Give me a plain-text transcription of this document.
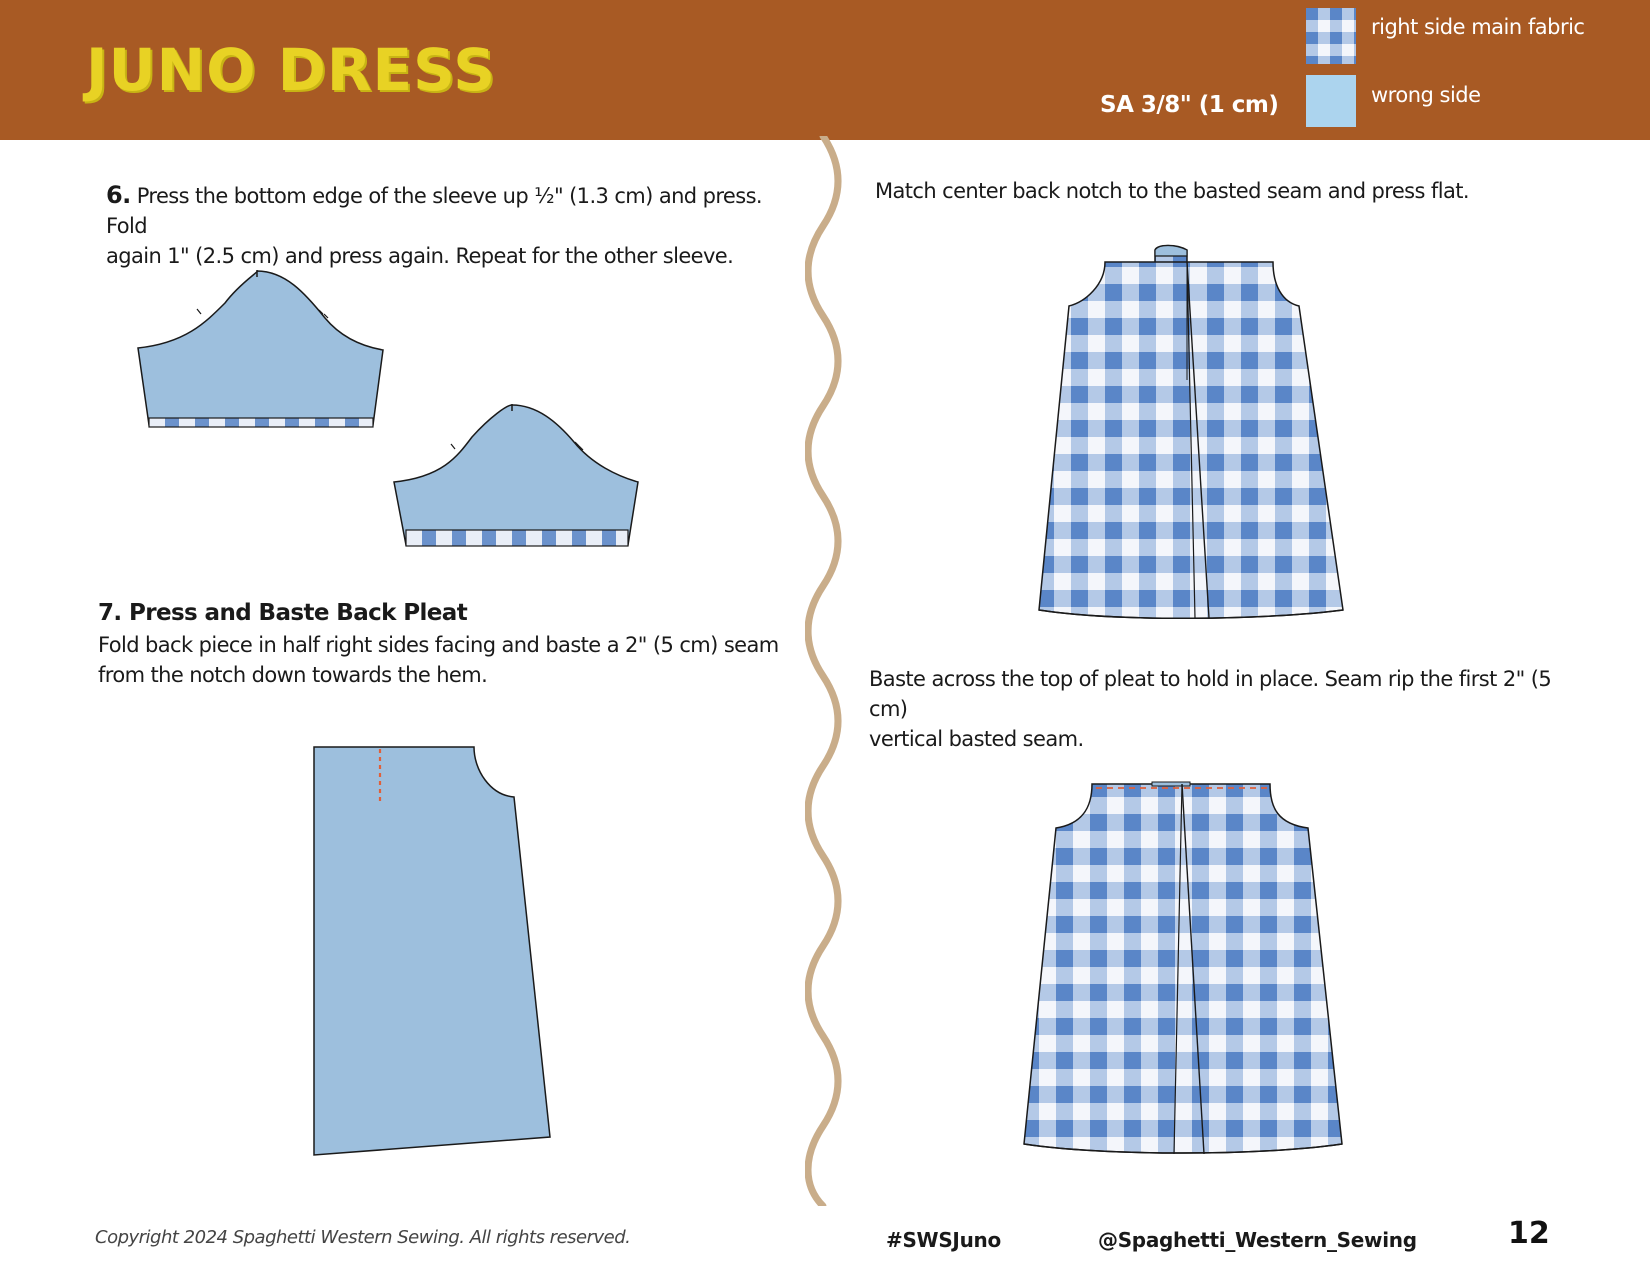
JUNO DRESS
SA 3/8" (1 cm)
right side main fabric
wrong side
6. Press the bottom edge of the sleeve up ½" (1.3 cm) and press. Fold
again 1" (2.5 cm) and press again. Repeat for the other sleeve.
7. Press and Baste Back Pleat
Fold back piece in half right sides facing and baste a 2" (5 cm) seam
from the notch down towards the hem.
Match center back notch to the basted seam and press flat.
Baste across the top of pleat to hold in place. Seam rip the first 2" (5 cm)
vertical basted seam.
Copyright 2024 Spaghetti Western Sewing. All rights reserved.	#SWSJuno	@Spaghetti_Western_Sewing	12
